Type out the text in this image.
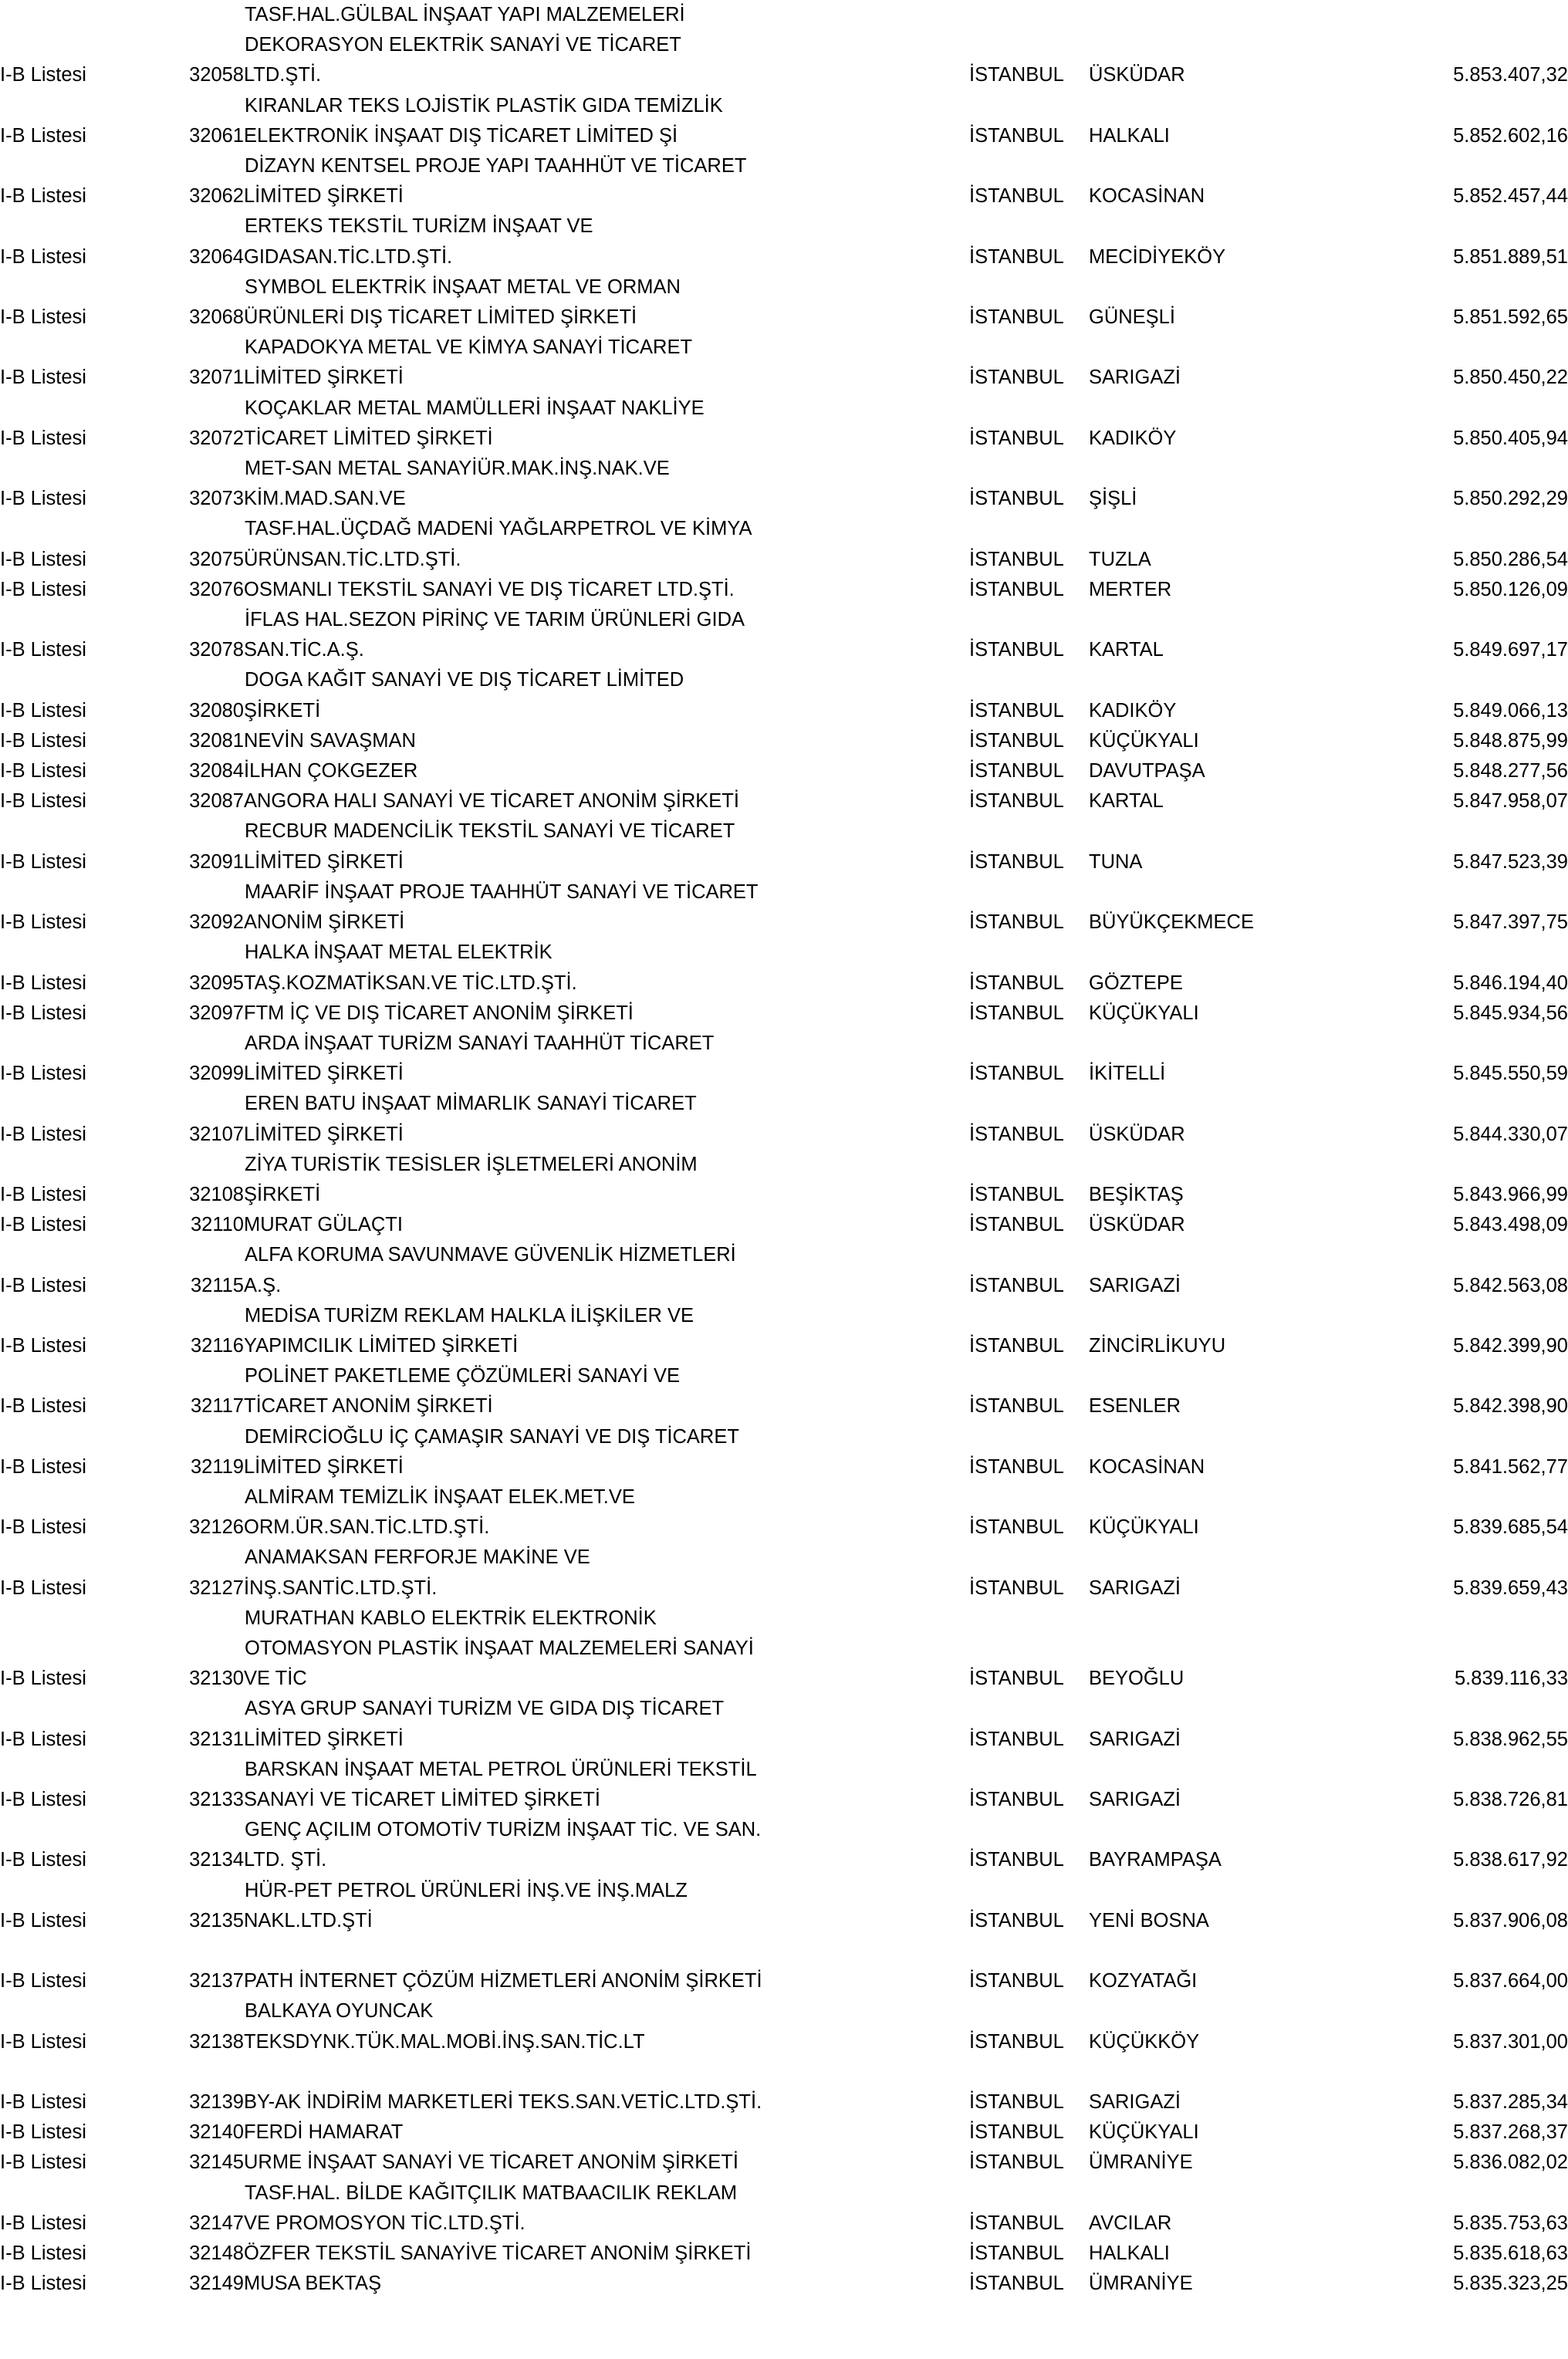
			TASF.HAL.GÜLBAL İNŞAAT YAPI MALZEMELERİ			
			DEKORASYON ELEKTRİK SANAYİ VE TİCARET			
I-B Listesi		32058	LTD.ŞTİ.	İSTANBUL	ÜSKÜDAR	5.853.407,32
			KIRANLAR TEKS LOJİSTİK PLASTİK GIDA TEMİZLİK			
I-B Listesi		32061	ELEKTRONİK İNŞAAT DIŞ TİCARET LİMİTED Şİ	İSTANBUL	HALKALI	5.852.602,16
			DİZAYN KENTSEL PROJE YAPI TAAHHÜT VE TİCARET			
I-B Listesi		32062	LİMİTED ŞİRKETİ	İSTANBUL	KOCASİNAN	5.852.457,44
			ERTEKS TEKSTİL TURİZM İNŞAAT VE			
I-B Listesi		32064	GIDASAN.TİC.LTD.ŞTİ.	İSTANBUL	MECİDİYEKÖY	5.851.889,51
			SYMBOL ELEKTRİK İNŞAAT METAL VE ORMAN			
I-B Listesi		32068	ÜRÜNLERİ DIŞ TİCARET LİMİTED ŞİRKETİ	İSTANBUL	GÜNEŞLİ	5.851.592,65
			KAPADOKYA METAL VE KİMYA SANAYİ TİCARET			
I-B Listesi		32071	LİMİTED ŞİRKETİ	İSTANBUL	SARIGAZİ	5.850.450,22
			KOÇAKLAR METAL MAMÜLLERİ İNŞAAT NAKLİYE			
I-B Listesi		32072	TİCARET LİMİTED ŞİRKETİ	İSTANBUL	KADIKÖY	5.850.405,94
			MET-SAN METAL SANAYİÜR.MAK.İNŞ.NAK.VE			
I-B Listesi		32073	KİM.MAD.SAN.VE	İSTANBUL	ŞİŞLİ	5.850.292,29
			TASF.HAL.ÜÇDAĞ MADENİ YAĞLARPETROL VE KİMYA			
I-B Listesi		32075	ÜRÜNSAN.TİC.LTD.ŞTİ.	İSTANBUL	TUZLA	5.850.286,54
I-B Listesi		32076	OSMANLI TEKSTİL SANAYİ VE DIŞ TİCARET LTD.ŞTİ.	İSTANBUL	MERTER	5.850.126,09
			İFLAS HAL.SEZON PİRİNÇ VE TARIM ÜRÜNLERİ GIDA			
I-B Listesi		32078	SAN.TİC.A.Ş.	İSTANBUL	KARTAL	5.849.697,17
			DOGA KAĞIT SANAYİ VE DIŞ TİCARET LİMİTED			
I-B Listesi		32080	ŞİRKETİ	İSTANBUL	KADIKÖY	5.849.066,13
I-B Listesi		32081	NEVİN SAVAŞMAN	İSTANBUL	KÜÇÜKYALI	5.848.875,99
I-B Listesi		32084	İLHAN ÇOKGEZER	İSTANBUL	DAVUTPAŞA	5.848.277,56
I-B Listesi		32087	ANGORA HALI SANAYİ VE TİCARET ANONİM ŞİRKETİ	İSTANBUL	KARTAL	5.847.958,07
			RECBUR MADENCİLİK TEKSTİL SANAYİ VE TİCARET			
I-B Listesi		32091	LİMİTED ŞİRKETİ	İSTANBUL	TUNA	5.847.523,39
			MAARİF İNŞAAT PROJE TAAHHÜT SANAYİ VE TİCARET			
I-B Listesi		32092	ANONİM ŞİRKETİ	İSTANBUL	BÜYÜKÇEKMECE	5.847.397,75
			HALKA İNŞAAT METAL ELEKTRİK			
I-B Listesi		32095	TAŞ.KOZMATİKSAN.VE TİC.LTD.ŞTİ.	İSTANBUL	GÖZTEPE	5.846.194,40
I-B Listesi		32097	FTM İÇ VE DIŞ TİCARET ANONİM ŞİRKETİ	İSTANBUL	KÜÇÜKYALI	5.845.934,56
			ARDA İNŞAAT TURİZM SANAYİ TAAHHÜT TİCARET			
I-B Listesi		32099	LİMİTED ŞİRKETİ	İSTANBUL	İKİTELLİ	5.845.550,59
			EREN BATU İNŞAAT MİMARLIK SANAYİ TİCARET			
I-B Listesi		32107	LİMİTED ŞİRKETİ	İSTANBUL	ÜSKÜDAR	5.844.330,07
			ZİYA TURİSTİK TESİSLER İŞLETMELERİ ANONİM			
I-B Listesi		32108	ŞİRKETİ	İSTANBUL	BEŞİKTAŞ	5.843.966,99
I-B Listesi		32110	MURAT GÜLAÇTI	İSTANBUL	ÜSKÜDAR	5.843.498,09
			ALFA KORUMA SAVUNMAVE GÜVENLİK HİZMETLERİ			
I-B Listesi		32115	A.Ş.	İSTANBUL	SARIGAZİ	5.842.563,08
			MEDİSA TURİZM REKLAM HALKLA İLİŞKİLER VE			
I-B Listesi		32116	YAPIMCILIK LİMİTED ŞİRKETİ	İSTANBUL	ZİNCİRLİKUYU	5.842.399,90
			POLİNET PAKETLEME ÇÖZÜMLERİ SANAYİ VE			
I-B Listesi		32117	TİCARET ANONİM ŞİRKETİ	İSTANBUL	ESENLER	5.842.398,90
			DEMİRCİOĞLU İÇ ÇAMAŞIR SANAYİ VE DIŞ TİCARET			
I-B Listesi		32119	LİMİTED ŞİRKETİ	İSTANBUL	KOCASİNAN	5.841.562,77
			ALMİRAM TEMİZLİK İNŞAAT ELEK.MET.VE			
I-B Listesi		32126	ORM.ÜR.SAN.TİC.LTD.ŞTİ.	İSTANBUL	KÜÇÜKYALI	5.839.685,54
			ANAMAKSAN FERFORJE MAKİNE VE			
I-B Listesi		32127	İNŞ.SANTİC.LTD.ŞTİ.	İSTANBUL	SARIGAZİ	5.839.659,43
			MURATHAN KABLO ELEKTRİK ELEKTRONİK			
			OTOMASYON PLASTİK İNŞAAT MALZEMELERİ SANAYİ			
I-B Listesi		32130	VE TİC	İSTANBUL	BEYOĞLU	5.839.116,33
			ASYA GRUP SANAYİ TURİZM VE GIDA DIŞ TİCARET			
I-B Listesi		32131	LİMİTED ŞİRKETİ	İSTANBUL	SARIGAZİ	5.838.962,55
			BARSKAN İNŞAAT METAL PETROL ÜRÜNLERİ TEKSTİL			
I-B Listesi		32133	SANAYİ VE TİCARET LİMİTED ŞİRKETİ	İSTANBUL	SARIGAZİ	5.838.726,81
			GENÇ AÇILIM OTOMOTİV TURİZM İNŞAAT TİC. VE SAN.			
I-B Listesi		32134	LTD. ŞTİ.	İSTANBUL	BAYRAMPAŞA	5.838.617,92
			HÜR-PET PETROL ÜRÜNLERİ İNŞ.VE İNŞ.MALZ			
I-B Listesi		32135	NAKL.LTD.ŞTİ	İSTANBUL	YENİ BOSNA	5.837.906,08

I-B Listesi		32137	PATH İNTERNET ÇÖZÜM HİZMETLERİ ANONİM ŞİRKETİ	İSTANBUL	KOZYATAĞI	5.837.664,00
			BALKAYA OYUNCAK			
I-B Listesi		32138	TEKSDYNK.TÜK.MAL.MOBİ.İNŞ.SAN.TİC.LT	İSTANBUL	KÜÇÜKKÖY	5.837.301,00

I-B Listesi		32139	BY-AK İNDİRİM MARKETLERİ TEKS.SAN.VETİC.LTD.ŞTİ.	İSTANBUL	SARIGAZİ	5.837.285,34
I-B Listesi		32140	FERDİ HAMARAT	İSTANBUL	KÜÇÜKYALI	5.837.268,37
I-B Listesi		32145	URME İNŞAAT SANAYİ VE TİCARET ANONİM ŞİRKETİ	İSTANBUL	ÜMRANİYE	5.836.082,02
			TASF.HAL. BİLDE KAĞITÇILIK MATBAACILIK REKLAM			
I-B Listesi		32147	VE PROMOSYON TİC.LTD.ŞTİ.	İSTANBUL	AVCILAR	5.835.753,63
I-B Listesi		32148	ÖZFER TEKSTİL SANAYİVE TİCARET ANONİM ŞİRKETİ	İSTANBUL	HALKALI	5.835.618,63
I-B Listesi		32149	MUSA BEKTAŞ	İSTANBUL	ÜMRANİYE	5.835.323,25
